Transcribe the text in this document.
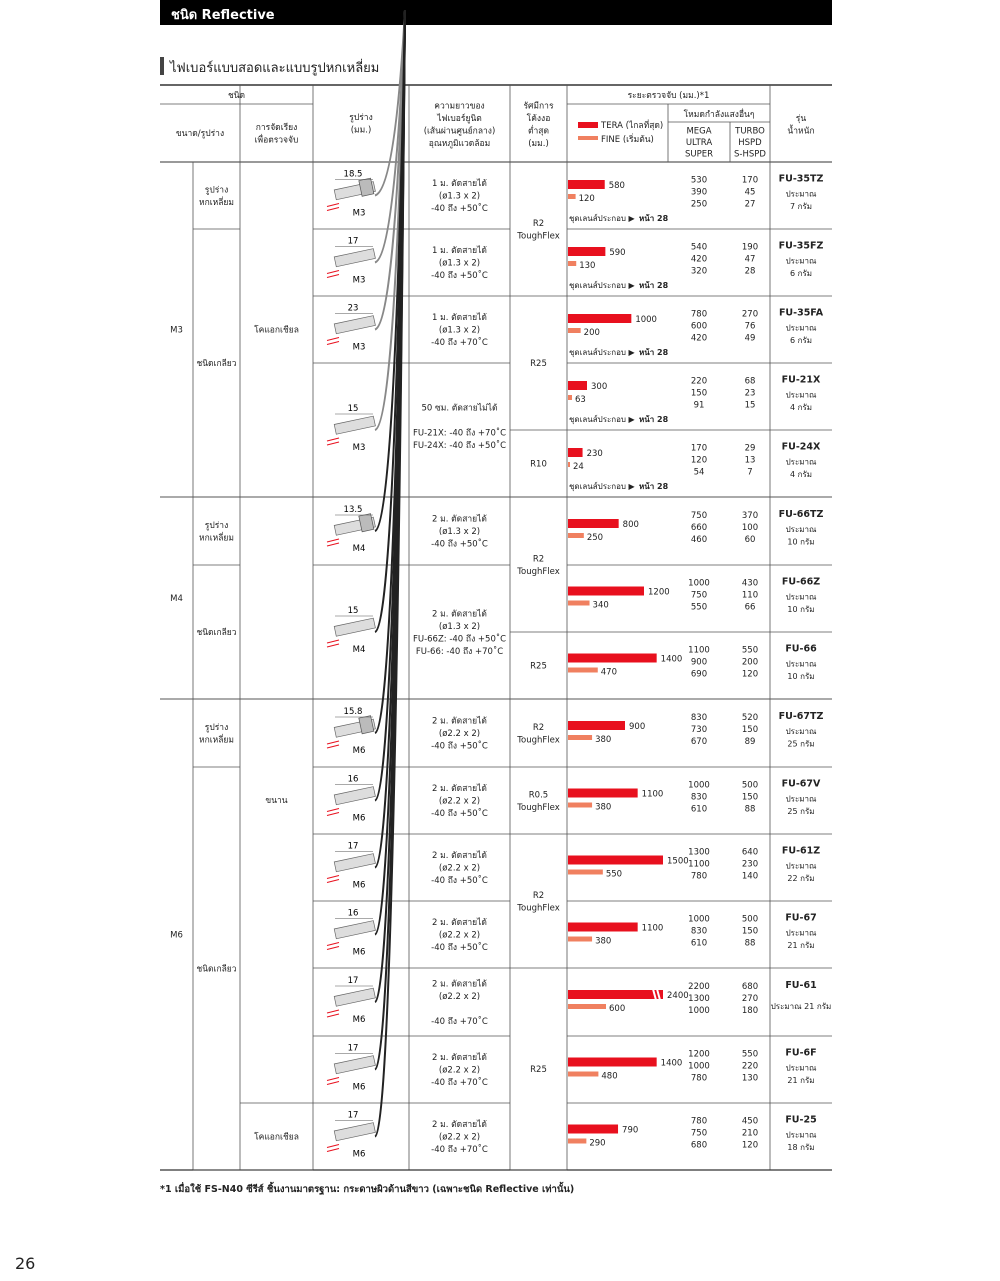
ชนิด Reflective
ไฟเบอร์แบบสอดและแบบรูปหกเหลี่ยม
ชนิด
ขนาด/รูปร่าง
การจัดเรียง
เพื่อตรวจจับ
รูปร่าง
(มม.)
ความยาวของ
ไฟเบอร์ยูนิต
(เส้นผ่านศูนย์กลาง)
อุณหภูมิแวดล้อม
รัศมีการ
โค้งงอ
ต่ำสุด
(มม.)
ระยะตรวจจับ (มม.)*1
โหมดกำลังแสงอื่นๆ
MEGA
ULTRA
SUPER
TURBO
HSPD
S-HSPD
รุ่น
น้ำหนัก
TERA (ไกลที่สุด)
FINE (เริ่มต้น)
M3
M4
M6
รูปร่าง
หกเหลี่ยม
ชนิดเกลียว
รูปร่าง
หกเหลี่ยม
ชนิดเกลียว
รูปร่าง
หกเหลี่ยม
ชนิดเกลียว
โคแอกเชียล
ขนาน
โคแอกเชียล
R2
ToughFlex
R25
R10
R2
ToughFlex
R25
R2
ToughFlex
R0.5
ToughFlex
R2
ToughFlex
R25
18.5
M3
1 ม. ตัดสายได้
(ø1.3 x 2)
-40 ถึง +50˚C
580
120
ชุดเลนส์ประกอบ ▶ หน้า 28
530
390
250
170
45
27
FU-35TZ
ประมาณ
7 กรัม
17
M3
1 ม. ตัดสายได้
(ø1.3 x 2)
-40 ถึง +50˚C
590
130
ชุดเลนส์ประกอบ ▶ หน้า 28
540
420
320
190
47
28
FU-35FZ
ประมาณ
6 กรัม
23
M3
1 ม. ตัดสายได้
(ø1.3 x 2)
-40 ถึง +70˚C
1000
200
ชุดเลนส์ประกอบ ▶ หน้า 28
780
600
420
270
76
49
FU-35FA
ประมาณ
6 กรัม
15
M3
300
63
ชุดเลนส์ประกอบ ▶ หน้า 28
220
150
91
68
23
15
FU-21X
ประมาณ
4 กรัม
230
24
ชุดเลนส์ประกอบ ▶ หน้า 28
170
120
54
29
13
7
FU-24X
ประมาณ
4 กรัม
13.5
M4
2 ม. ตัดสายได้
(ø1.3 x 2)
-40 ถึง +50˚C
800
250
750
660
460
370
100
60
FU-66TZ
ประมาณ
10 กรัม
15
M4
1200
340
1000
750
550
430
110
66
FU-66Z
ประมาณ
10 กรัม
1400
470
1100
900
690
550
200
120
FU-66
ประมาณ
10 กรัม
15.8
M6
2 ม. ตัดสายได้
(ø2.2 x 2)
-40 ถึง +50˚C
900
380
830
730
670
520
150
89
FU-67TZ
ประมาณ
25 กรัม
16
M6
2 ม. ตัดสายได้
(ø2.2 x 2)
-40 ถึง +50˚C
1100
380
1000
830
610
500
150
88
FU-67V
ประมาณ
25 กรัม
17
M6
2 ม. ตัดสายได้
(ø2.2 x 2)
-40 ถึง +50˚C
1500
550
1300
1100
780
640
230
140
FU-61Z
ประมาณ
22 กรัม
16
M6
2 ม. ตัดสายได้
(ø2.2 x 2)
-40 ถึง +50˚C
1100
380
1000
830
610
500
150
88
FU-67
ประมาณ
21 กรัม
17
M6
2 ม. ตัดสายได้
(ø2.2 x 2)
-40 ถึง +70˚C
2400
600
2200
1300
1000
680
270
180
FU-61
ประมาณ 21 กรัม
17
M6
2 ม. ตัดสายได้
(ø2.2 x 2)
-40 ถึง +70˚C
1400
480
1200
1000
780
550
220
130
FU-6F
ประมาณ
21 กรัม
17
M6
2 ม. ตัดสายได้
(ø2.2 x 2)
-40 ถึง +70˚C
790
290
780
750
680
450
210
120
FU-25
ประมาณ
18 กรัม
50 ซม. ตัดสายไม่ได้
FU-21X: -40 ถึง +70˚C
FU-24X: -40 ถึง +50˚C
2 ม. ตัดสายได้
(ø1.3 x 2)
FU-66Z: -40 ถึง +50˚C
FU-66: -40 ถึง +70˚C
*1 เมื่อใช้ FS-N40 ซีรีส์ ชิ้นงานมาตรฐาน: กระดาษผิวด้านสีขาว (เฉพาะชนิด Reflective เท่านั้น)
26
